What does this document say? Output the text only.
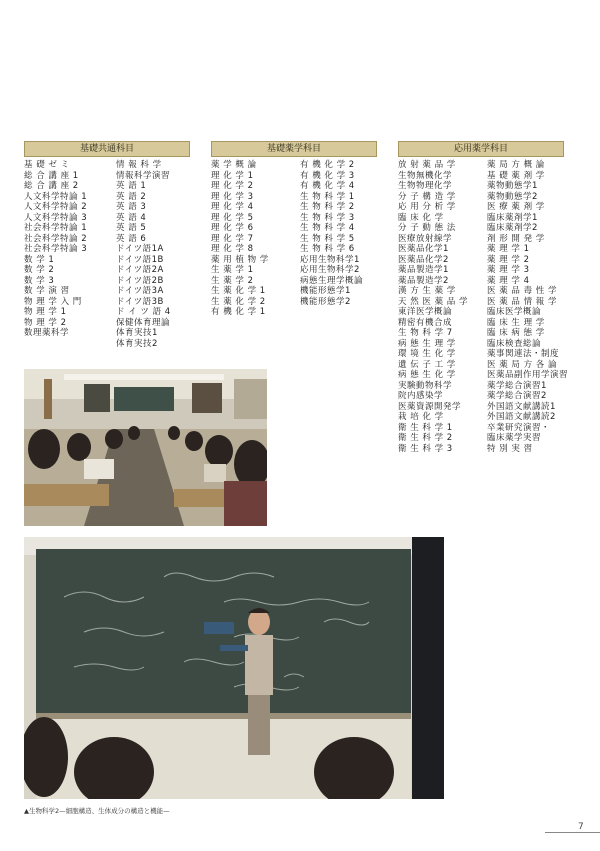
基礎共通科目	基礎薬学科目	応用薬学科目
基 礎 ゼ ミ
総 合 講 座 1
総 合 講 座 2
人文科学特論 1
人文科学特論 2
人文科学特論 3
社会科学特論 1
社会科学特論 2
社会科学特論 3
数 学 1
数 学 2
数 学 3
数 学 演 習
物 理 学 入 門
物 理 学 1
物 理 学 2
数理薬科学
情 報 科 学
情報科学演習
英 語 1
英 語 2
英 語 3
英 語 4
英 語 5
英 語 6
ドイツ語1A
ドイツ語1B
ドイツ語2A
ドイツ語2B
ドイツ語3A
ドイツ語3B
ド イ ツ 語 4
保健体育理論
体育実技1
体育実技2
薬 学 概 論
理 化 学 1
理 化 学 2
理 化 学 3
理 化 学 4
理 化 学 5
理 化 学 6
理 化 学 7
理 化 学 8
薬 用 植 物 学
生 薬 学 1
生 薬 学 2
生 薬 化 学 1
生 薬 化 学 2
有 機 化 学 1
有 機 化 学 2
有 機 化 学 3
有 機 化 学 4
生 物 科 学 1
生 物 科 学 2
生 物 科 学 3
生 物 科 学 4
生 物 科 学 5
生 物 科 学 6
応用生物科学1
応用生物科学2
病態生理学概論
機能形態学1
機能形態学2
放 射 薬 品 学
生物無機化学
生物物理化学
分 子 構 造 学
応 用 分 析 学
臨 床 化 学
分 子 動 態 法
医療放射線学
医薬品化学1
医薬品化学2
薬品製造学1
薬品製造学2
漢 方 生 薬 学
天 然 医 薬 品 学
東洋医学概論
精密有機合成
生 物 科 学 7
病 態 生 理 学
環 境 生 化 学
遺 伝 子 工 学
病 態 生 化 学
実験動物科学
院内感染学
医薬資源開発学
栽 培 化 学
衛 生 科 学 1
衛 生 科 学 2
衛 生 科 学 3
薬 局 方 概 論
基 礎 薬 剤 学
薬物動態学1
薬物動態学2
医 療 薬 剤 学
臨床薬剤学1
臨床薬剤学2
剤 形 開 発 学
薬 理 学 1
薬 理 学 2
薬 理 学 3
薬 理 学 4
医 薬 品 毒 性 学
医 薬 品 情 報 学
臨床医学概論
臨 床 生 理 学
臨 床 病 態 学
臨床検査総論
薬事関連法・制度
医 薬 局 方 各 論
医薬品副作用学演習
薬学総合演習1
薬学総合演習2
外国語文献講読1
外国語文献講読2
卒業研究演習・
臨床薬学実習
特 別 実 習
▲生物科学2—細胞構造、生体成分の構造と機能—
7
